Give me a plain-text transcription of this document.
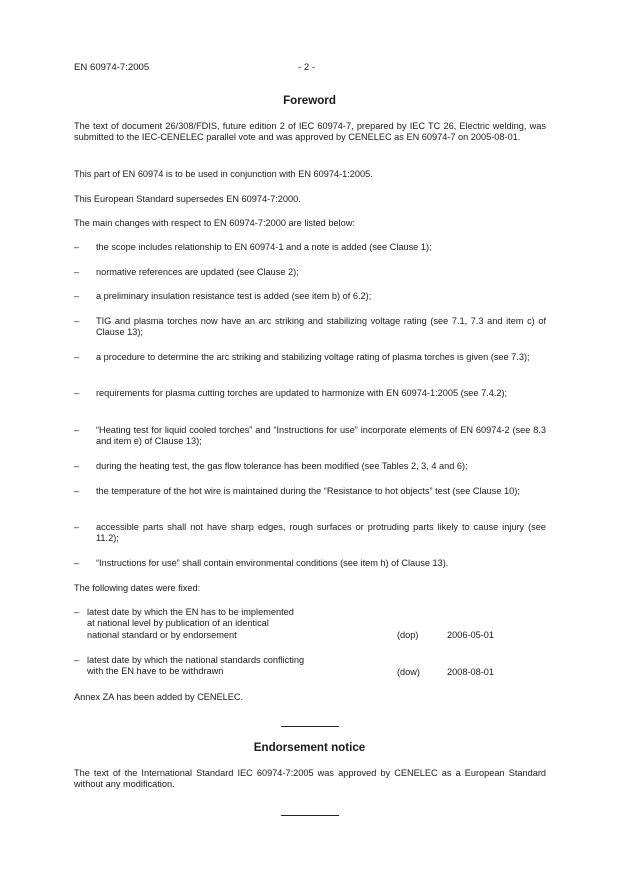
EN 60974-7:2005	- 2 -
Foreword
The text of document 26/308/FDIS, future edition 2 of IEC 60974-7, prepared by IEC TC 26, Electric welding, was submitted to the IEC-CENELEC parallel vote and was approved by CENELEC as EN 60974-7 on 2005-08-01.
This part of EN 60974 is to be used in conjunction with EN 60974-1:2005.
This European Standard supersedes EN 60974-7:2000.
The main changes with respect to EN 60974-7:2000 are listed below:
– the scope includes relationship to EN 60974-1 and a note is added (see Clause 1);
– normative references are updated (see Clause 2);
– a preliminary insulation resistance test is added (see item b) of 6.2);
– TIG and plasma torches now have an arc striking and stabilizing voltage rating (see 7.1, 7.3 and item c) of Clause 13);
– a procedure to determine the arc striking and stabilizing voltage rating of plasma torches is given (see 7.3);
– requirements for plasma cutting torches are updated to harmonize with EN 60974-1:2005 (see 7.4.2);
– “Heating test for liquid cooled torches” and “Instructions for use” incorporate elements of EN 60974-2 (see 8.3 and item e) of Clause 13);
– during the heating test, the gas flow tolerance has been modified (see Tables 2, 3, 4 and 6);
– the temperature of the hot wire is maintained during the “Resistance to hot objects” test (see Clause 10);
– accessible parts shall not have sharp edges, rough surfaces or protruding parts likely to cause injury (see 11.2);
– “Instructions for use” shall contain environmental conditions (see item h) of Clause 13).
The following dates were fixed:
– latest date by which the EN has to be implemented
at national level by publication of an identical
national standard or by endorsement	(dop)	2006-05-01
– latest date by which the national standards conflicting
with the EN have to be withdrawn	(dow)	2008-08-01
Annex ZA has been added by CENELEC.
Endorsement notice
The text of the International Standard IEC 60974-7:2005 was approved by CENELEC as a European Standard without any modification.
